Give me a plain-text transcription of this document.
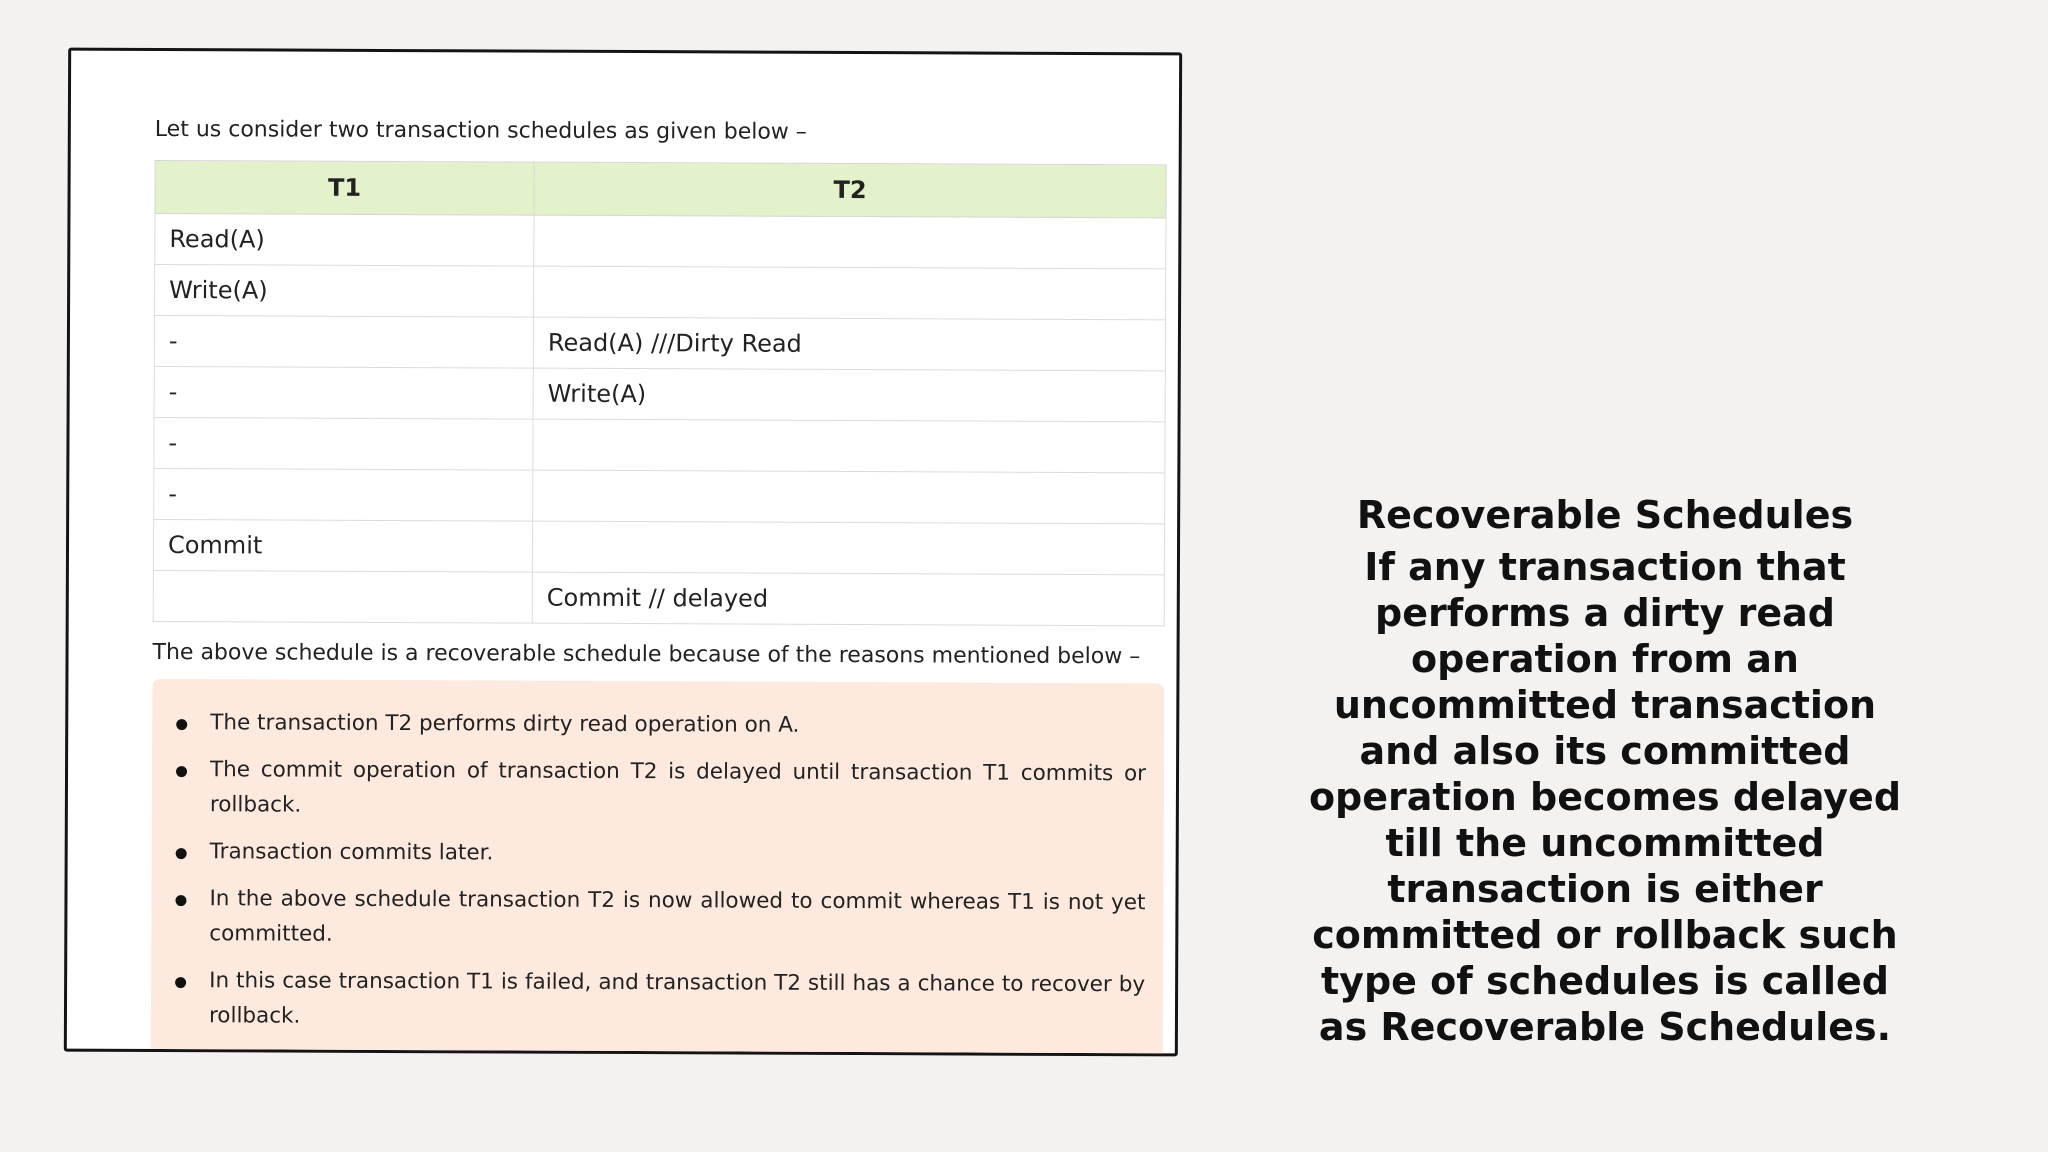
Let us consider two transaction schedules as given below –

T1	T2
Read(A)	
Write(A)	
-	Read(A) ///Dirty Read
-	Write(A)
-	
-	
Commit	
	Commit // delayed

The above schedule is a recoverable schedule because of the reasons mentioned below –

The transaction T2 performs dirty read operation on A.
The commit operation of transaction T2 is delayed until transaction T1 commits or rollback.
Transaction commits later.
In the above schedule transaction T2 is now allowed to commit whereas T1 is not yet committed.
In this case transaction T1 is failed, and transaction T2 still has a chance to recover by rollback.
Recoverable Schedules
If any transaction that performs a dirty read operation from an uncommitted transaction and also its committed operation becomes delayed till the uncommitted transaction is either committed or rollback such type of schedules is called as Recoverable Schedules.
